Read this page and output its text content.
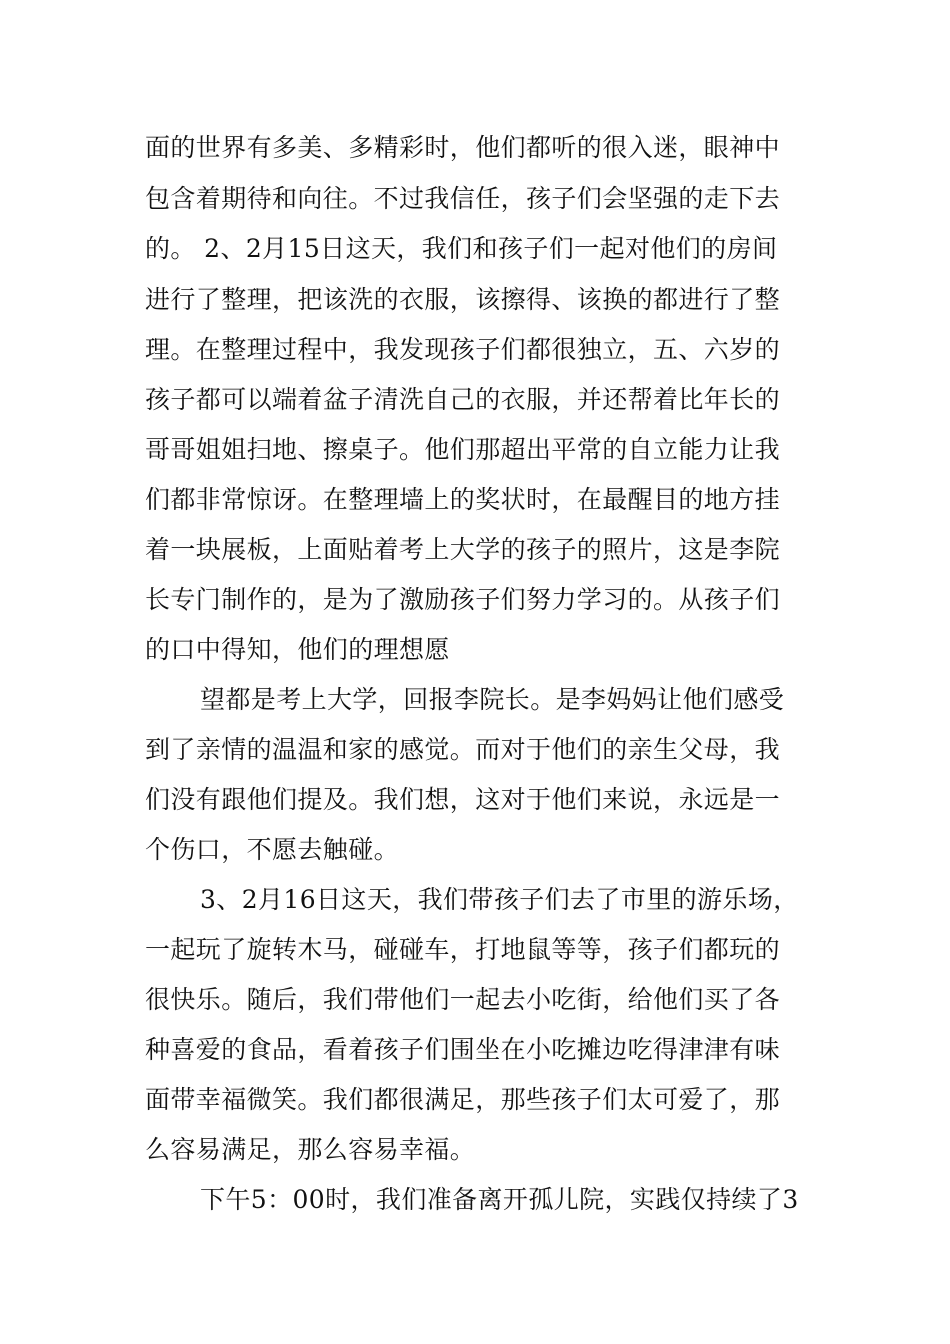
面的世界有多美、多精彩时，他们都听的很入迷，眼神中
包含着期待和向往。不过我信任，孩子们会坚强的走下去
的。 2、2月15日这天，我们和孩子们一起对他们的房间
进行了整理，把该洗的衣服，该擦得、该换的都进行了整
理。在整理过程中，我发现孩子们都很独立，五、六岁的
孩子都可以端着盆子清洗自己的衣服，并还帮着比年长的
哥哥姐姐扫地、擦桌子。他们那超出平常的自立能力让我
们都非常惊讶。在整理墙上的奖状时，在最醒目的地方挂
着一块展板，上面贴着考上大学的孩子的照片，这是李院
长专门制作的，是为了激励孩子们努力学习的。从孩子们
的口中得知，他们的理想愿
望都是考上大学，回报李院长。是李妈妈让他们感受
到了亲情的温温和家的感觉。而对于他们的亲生父母，我
们没有跟他们提及。我们想，这对于他们来说，永远是一
个伤口，不愿去触碰。
3、2月16日这天，我们带孩子们去了市里的游乐场，
一起玩了旋转木马，碰碰车，打地鼠等等，孩子们都玩的
很快乐。随后，我们带他们一起去小吃街，给他们买了各
种喜爱的食品，看着孩子们围坐在小吃摊边吃得津津有味
面带幸福微笑。我们都很满足，那些孩子们太可爱了，那
么容易满足，那么容易幸福。
下午5：00时，我们准备离开孤儿院，实践仅持续了3
